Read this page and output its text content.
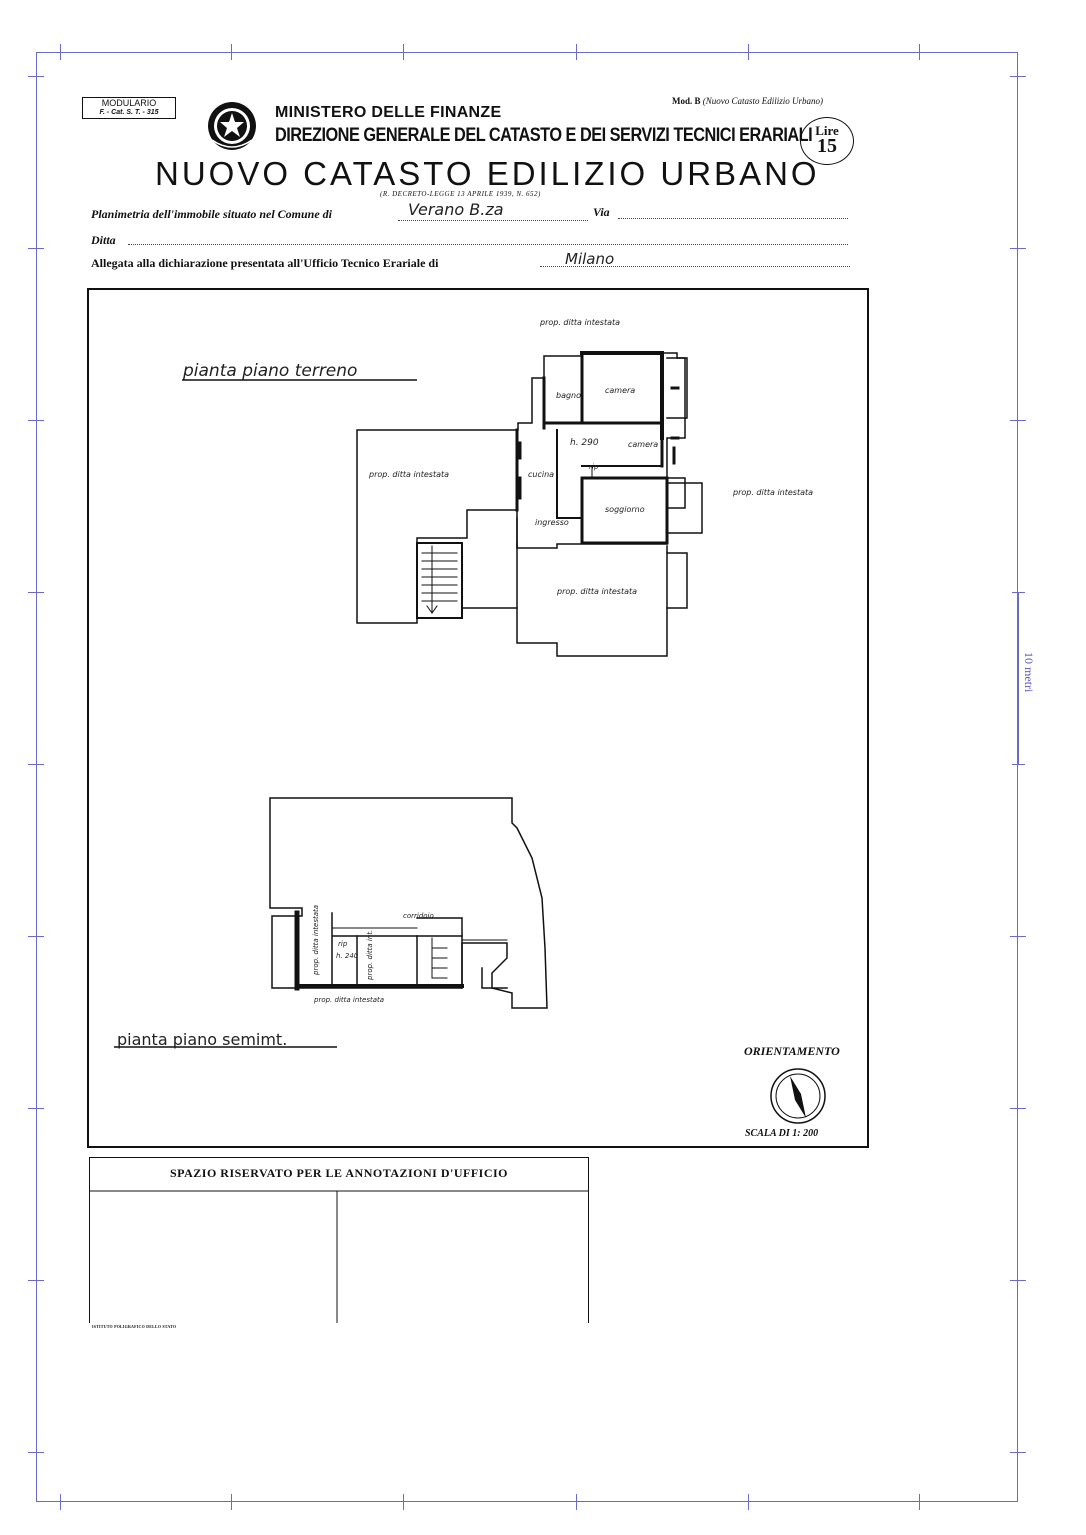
10 metri
MODULARIO
F. - Cat. S. T. - 315	MINISTERO DELLE FINANZE
DIREZIONE GENERALE DEL CATASTO E DEI SERVIZI TECNICI ERARIALI
NUOVO CATASTO EDILIZIO URBANO
(R. DECRETO-LEGGE 13 APRILE 1939, N. 652)
Mod. B (Nuovo Catasto Edilizio Urbano)
Lire
15
Planimetria dell'immobile situato nel Comune di	Verano B.za	Via
Ditta
Allegata alla dichiarazione presentata all'Ufficio Tecnico Erariale di	Milano
pianta piano terreno
prop. ditta intestata
bagno
camera
camera
h. 290
rip
cucina
prop. ditta intestata
prop. ditta intestata
soggiorno
ingresso
prop. ditta intestata
corridoio
rip
h. 240
prop. ditta intestata	prop. ditta int.
prop. ditta intestata
pianta piano semimt.
ORIENTAMENTO
SCALA DI 1: 200
SPAZIO RISERVATO PER LE ANNOTAZIONI D'UFFICIO
ISTITUTO POLIGRAFICO DELLO STATO
